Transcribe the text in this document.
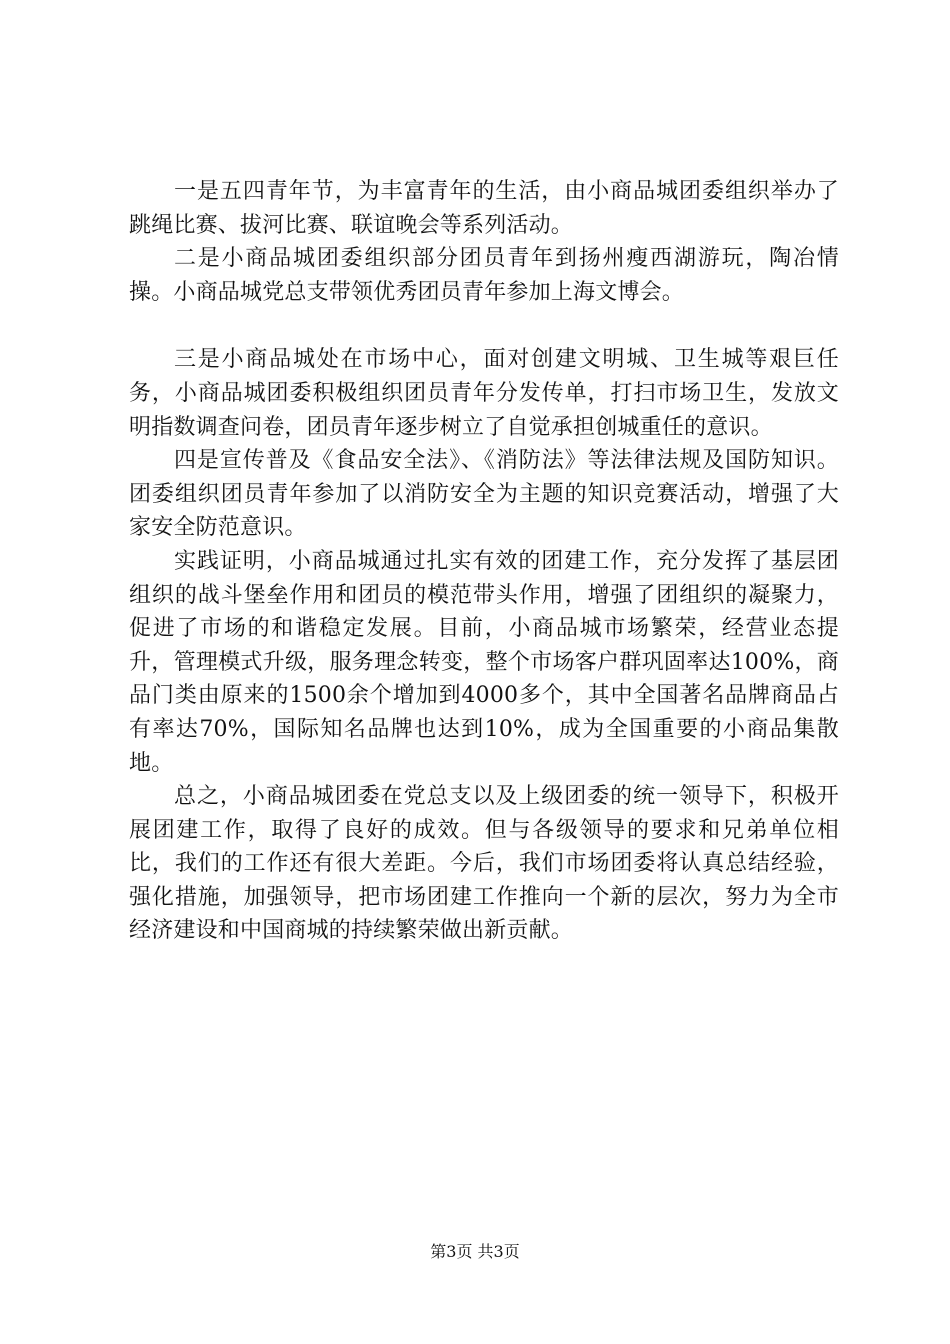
一是五四青年节，为丰富青年的生活，由小商品城团委组织举办了跳绳比赛、拔河比赛、联谊晚会等系列活动。

二是小商品城团委组织部分团员青年到扬州瘦西湖游玩，陶冶情操。小商品城党总支带领优秀团员青年参加上海文博会。

三是小商品城处在市场中心，面对创建文明城、卫生城等艰巨任务，小商品城团委积极组织团员青年分发传单，打扫市场卫生，发放文明指数调查问卷，团员青年逐步树立了自觉承担创城重任的意识。

四是宣传普及《食品安全法》、《消防法》等法律法规及国防知识。团委组织团员青年参加了以消防安全为主题的知识竞赛活动，增强了大家安全防范意识。

实践证明，小商品城通过扎实有效的团建工作，充分发挥了基层团组织的战斗堡垒作用和团员的模范带头作用，增强了团组织的凝聚力，促进了市场的和谐稳定发展。目前，小商品城市场繁荣，经营业态提升，管理模式升级，服务理念转变，整个市场客户群巩固率达100%，商品门类由原来的1500余个增加到4000多个，其中全国著名品牌商品占有率达70%，国际知名品牌也达到10%，成为全国重要的小商品集散地。

总之，小商品城团委在党总支以及上级团委的统一领导下，积极开展团建工作，取得了良好的成效。但与各级领导的要求和兄弟单位相比，我们的工作还有很大差距。今后，我们市场团委将认真总结经验，强化措施，加强领导，把市场团建工作推向一个新的层次，努力为全市经济建设和中国商城的持续繁荣做出新贡献。

第3页 共3页
